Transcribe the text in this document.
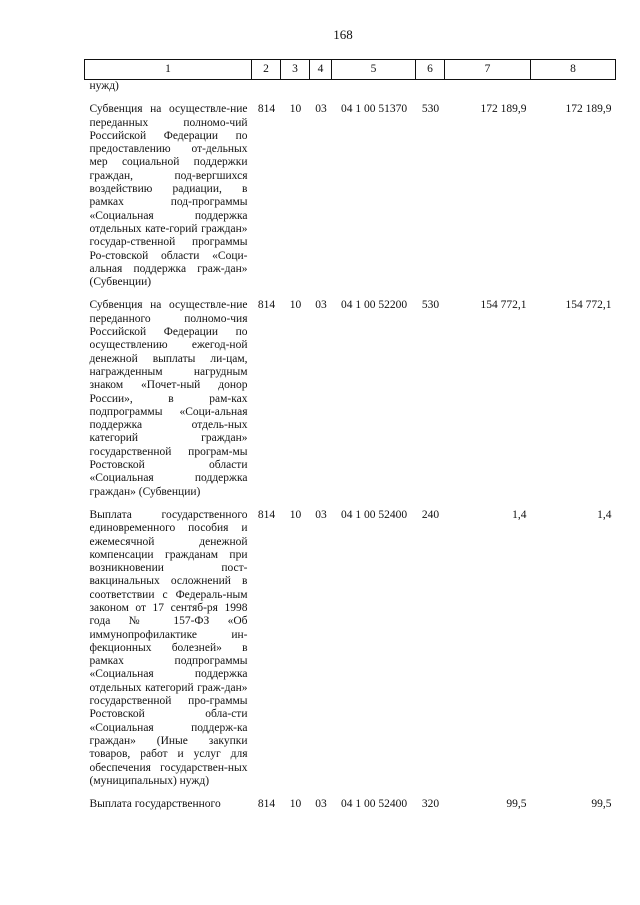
168
1	2	3	4	5	6	7	8
нужд)							

Субвенция на осуществле-ние переданных полномо-чий Российской Федерации по предоставлению от-дельных мер социальной поддержки граждан, под-вергшихся воздействию радиации, в рамках под-программы «Социальная поддержка отдельных кате-горий граждан» государ-ственной программы Ро-стовской области «Соци-альная поддержка граж-дан» (Субвенции)	814	10	03	04 1 00 51370	530	172 189,9	172 189,9

Субвенция на осуществле-ние переданного полномо-чия Российской Федерации по осуществлению ежегод-ной денежной выплаты ли-цам, награжденным нагрудным знаком «Почет-ный донор России», в рам-ках подпрограммы «Соци-альная поддержка отдель-ных категорий граждан» государственной програм-мы Ростовской области «Социальная поддержка граждан» (Субвенции)	814	10	03	04 1 00 52200	530	154 772,1	154 772,1

Выплата государственного единовременного пособия и ежемесячной денежной компенсации гражданам при возникновении пост-вакцинальных осложнений в соответствии с Федераль-ным законом от 17 сентяб-ря 1998 года № 157-ФЗ «Об иммунопрофилактике ин-фекционных болезней» в рамках подпрограммы «Социальная поддержка отдельных категорий граж-дан» государственной про-граммы Ростовской обла-сти «Социальная поддерж-ка граждан» (Иные закупки товаров, работ и услуг для обеспечения государствен-ных (муниципальных) нужд)	814	10	03	04 1 00 52400	240	1,4	1,4

Выплата государственного	814	10	03	04 1 00 52400	320	99,5	99,5
